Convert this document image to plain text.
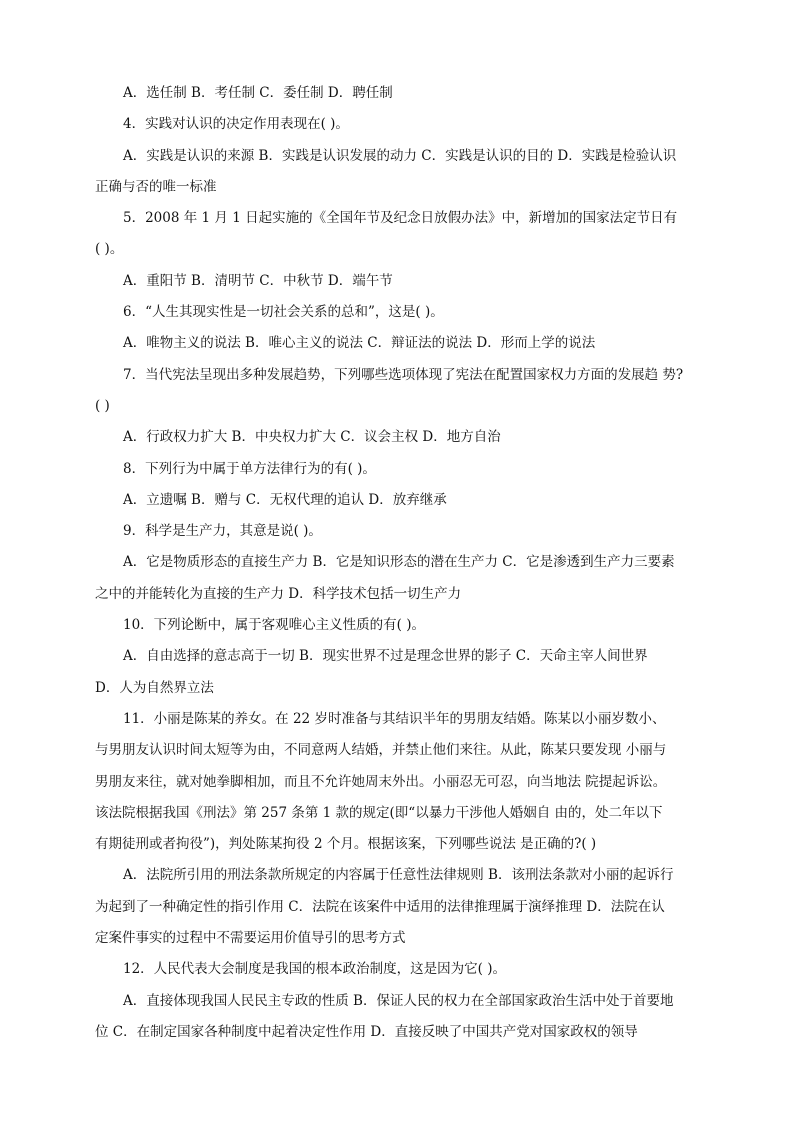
A．选任制 B．考任制 C．委任制 D．聘任制
4．实践对认识的决定作用表现在( )。
A．实践是认识的来源 B．实践是认识发展的动力 C．实践是认识的目的 D．实践是检验认识
正确与否的唯一标准
5．2008 年 1 月 1 日起实施的《全国年节及纪念日放假办法》中，新增加的国家法定节日有
( )。
A．重阳节 B．清明节 C．中秋节 D．端午节
6．“人生其现实性是一切社会关系的总和”，这是( )。
A．唯物主义的说法 B．唯心主义的说法 C．辩证法的说法 D．形而上学的说法
7．当代宪法呈现出多种发展趋势，下列哪些选项体现了宪法在配置国家权力方面的发展趋 势?
( )
A．行政权力扩大 B．中央权力扩大 C．议会主权 D．地方自治
8．下列行为中属于单方法律行为的有( )。
A．立遗嘱 B．赠与 C．无权代理的追认 D．放弃继承
9．科学是生产力，其意是说( )。
A．它是物质形态的直接生产力 B．它是知识形态的潜在生产力 C．它是渗透到生产力三要素
之中的并能转化为直接的生产力 D．科学技术包括一切生产力
10．下列论断中，属于客观唯心主义性质的有( )。
A．自由选择的意志高于一切 B．现实世界不过是理念世界的影子 C．天命主宰人间世界
D．人为自然界立法
11．小丽是陈某的养女。在 22 岁时准备与其结识半年的男朋友结婚。陈某以小丽岁数小、
与男朋友认识时间太短等为由，不同意两人结婚，并禁止他们来往。从此，陈某只要发现 小丽与
男朋友来往，就对她拳脚相加，而且不允许她周末外出。小丽忍无可忍，向当地法 院提起诉讼。
该法院根据我国《刑法》第 257 条第 1 款的规定(即“以暴力干涉他人婚姻自 由的，处二年以下
有期徒刑或者拘役”)，判处陈某拘役 2 个月。根据该案，下列哪些说法 是正确的?( )
A．法院所引用的刑法条款所规定的内容属于任意性法律规则 B．该刑法条款对小丽的起诉行
为起到了一种确定性的指引作用 C．法院在该案件中适用的法律推理属于演绎推理 D．法院在认
定案件事实的过程中不需要运用价值导引的思考方式
12．人民代表大会制度是我国的根本政治制度，这是因为它( )。
A．直接体现我国人民民主专政的性质 B．保证人民的权力在全部国家政治生活中处于首要地
位 C．在制定国家各种制度中起着决定性作用 D．直接反映了中国共产党对国家政权的领导
